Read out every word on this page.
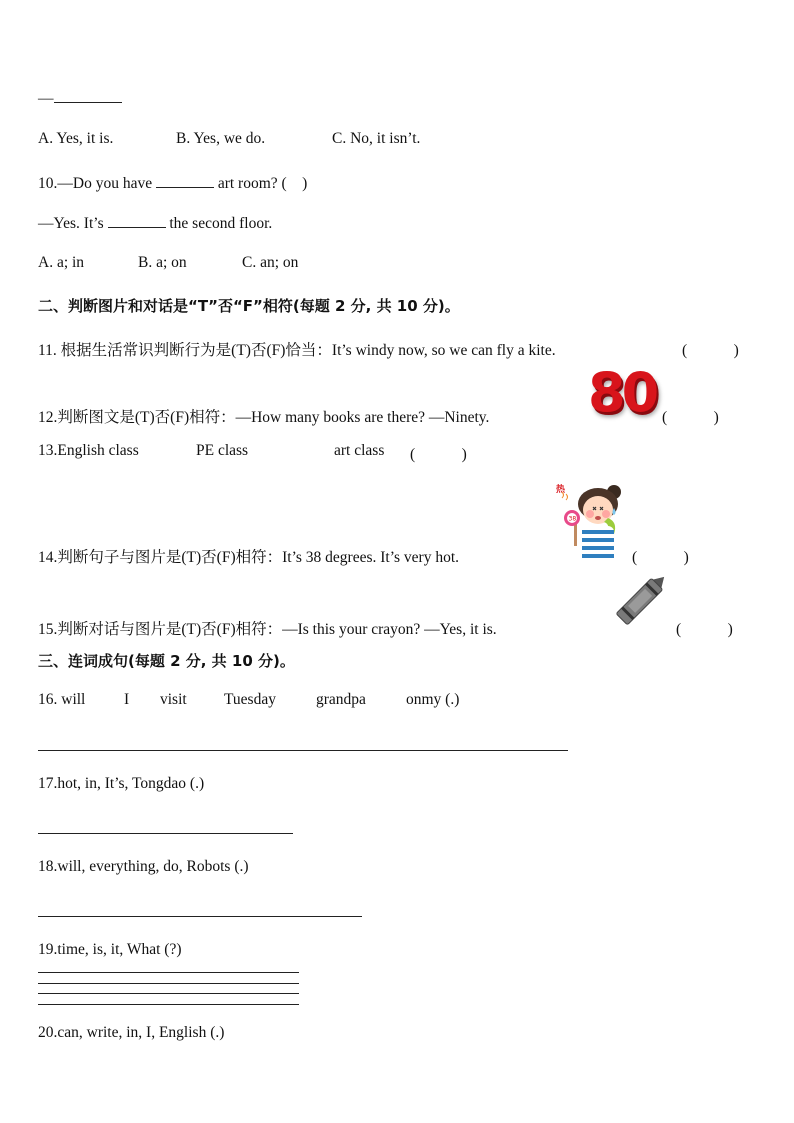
—
A. Yes, it is.	B. Yes, we do.	C. No, it isn’t.
10.—Do you have	art room? (　)
—Yes. It’s	the second floor.
A. a; in	B. a; on	C. an; on
二、判断图片和对话是“T”否“F”相符(每题 2 分, 共 10 分)。
11. 根据生活常识判断行为是(T)否(F)恰当：It’s windy now, so we can fly a kite.	(　　　)
12.判断图文是(T)否(F)相符：—How many books are there? —Ninety. 80 (　　　)
13.English class	PE class	art class (　　　)
14.判断句子与图片是(T)否(F)相符：It’s 38 degrees. It’s very hot.
38
热
(　　　)
15.判断对话与图片是(T)否(F)相符：—Is this your crayon? —Yes, it is.	(　　　)
三、连词成句(每题 2 分, 共 10 分)。
16. will I visit Tuesday	grandpa	onmy (.)
17.hot, in, It’s, Tongdao (.)
18.will, everything, do, Robots (.)
19.time, is, it, What (?)
20.can, write, in, I, English (.)
